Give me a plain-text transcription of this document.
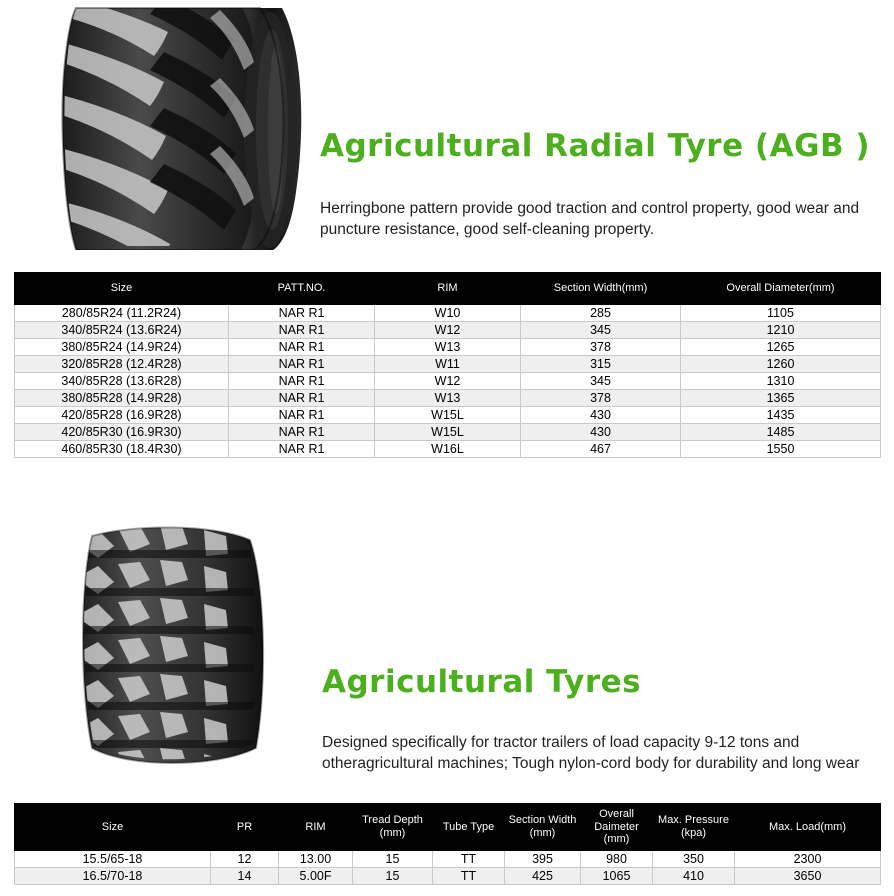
Agricultural Radial Tyre (AGB )
Herringbone pattern provide good traction and control property, good wear and puncture resistance, good self-cleaning property.
Size	PATT.NO.	RIM	Section Width(mm)	Overall Diameter(mm)
280/85R24 (11.2R24)	NAR R1	W10	285	1105
340/85R24 (13.6R24)	NAR R1	W12	345	1210
380/85R24 (14.9R24)	NAR R1	W13	378	1265
320/85R28 (12.4R28)	NAR R1	W11	315	1260
340/85R28 (13.6R28)	NAR R1	W12	345	1310
380/85R28 (14.9R28)	NAR R1	W13	378	1365
420/85R28 (16.9R28)	NAR R1	W15L	430	1435
420/85R30 (16.9R30)	NAR R1	W15L	430	1485
460/85R30 (18.4R30)	NAR R1	W16L	467	1550
Agricultural Tyres
Designed specifically for tractor trailers of load capacity 9-12 tons and otheragricultural machines; Tough nylon-cord body for durability and long wear
Size	PR	RIM	Tread Depth (mm)	Tube Type	Section Width (mm)	Overall Daimeter (mm)	Max. Pressure (kpa)	Max. Load(mm)
15.5/65-18	12	13.00	15	TT	395	980	350	2300
16.5/70-18	14	5.00F	15	TT	425	1065	410	3650
